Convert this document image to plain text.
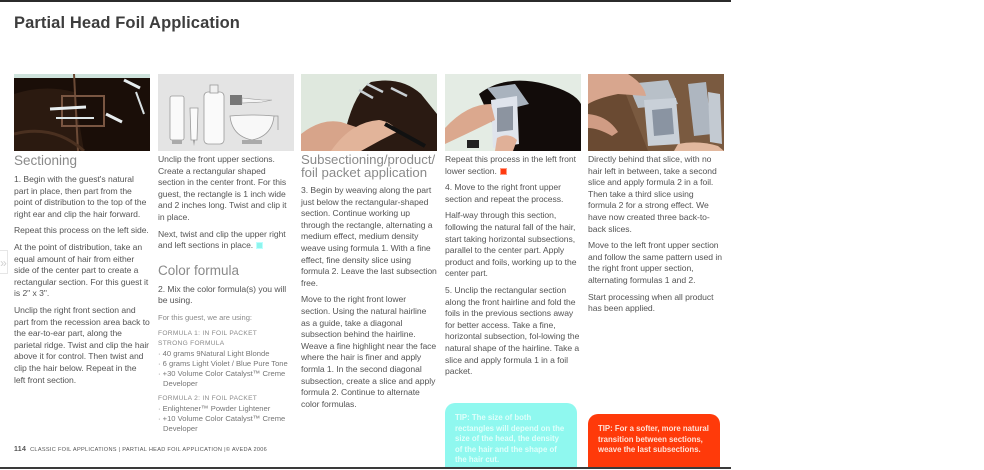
Partial Head Foil Application
»
Sectioning

1. Begin with the guest's natural part in place, then part from the point of distribution to the top of the right ear and clip the hair forward.

Repeat this process on the left side.

At the point of distribution, take an equal amount of hair from either side of the center part to create a rectangular section. For this guest it is 2" x 3".

Unclip the right front section and part from the recession area back to the ear-to-ear part, along the parietal ridge. Twist and clip the hair above it for control. Then twist and clip the hair below. Repeat in the left front section.

Unclip the front upper sections. Create a rectangular shaped section in the center front. For this guest, the rectangle is 1 inch wide and 2 inches long. Twist and clip it in place.

Next, twist and clip the upper right and left sections in place.

Color formula

2. Mix the color formula(s) you will be using.

For this guest, we are using:

FORMULA 1: IN FOIL PACKET
STRONG FORMULA
· 40 grams 9Natural Light Blonde
· 6 grams Light Violet / Blue Pure Tone
· +30 Volume Color Catalyst™ Creme Developer
FORMULA 2: IN FOIL PACKET
· Enlightener™ Powder Lightener
· +10 Volume Color Catalyst™ Creme Developer
Subsectioning/product/ foil packet application

3. Begin by weaving along the part just below the rectangular-shaped section. Continue working up through the rectangle, alternating a medium effect, medium density weave using formula 1. With a fine effect, fine density slice using formula 2. Leave the last subsection free.

Move to the right front lower section. Using the natural hairline as a guide, take a diagonal subsection behind the hairline. Weave a fine highlight near the face where the hair is finer and apply formla 1. In the second diagonal subsection, create a slice and apply formula 2. Continue to alternate color formulas.

Repeat this process in the left front lower section.

4. Move to the right front upper section and repeat the process.

Half-way through this section, following the natural fall of the hair, start taking horizontal subsections, parallel to the center part. Apply product and foils, working up to the center part.

5. Unclip the rectangular section along the front hairline and fold the foils in the previous sections away for better access. Take a fine, horizontal subsection, fol-lowing the natural shape of the hairline. Take a slice and apply formula 1 in a foil packet.

Directly behind that slice, with no hair left in between, take a second slice and apply formula 2 in a foil. Then take a third slice using formula 2 for a strong effect. We have now created three back-to-back slices.

Move to the left front upper section and follow the same pattern used in the right front upper section, alternating formulas 1 and 2.

Start processing when all product has been applied.

TIP: The size of both rectangles will depend on the size of the head, the density of the hair and the shape of the hair cut.
TIP: For a softer, more natural transition between sections, weave the last subsections.
114 CLASSIC FOIL APPLICATIONS | PARTIAL HEAD FOIL APPLICATION |© AVEDA 2006
